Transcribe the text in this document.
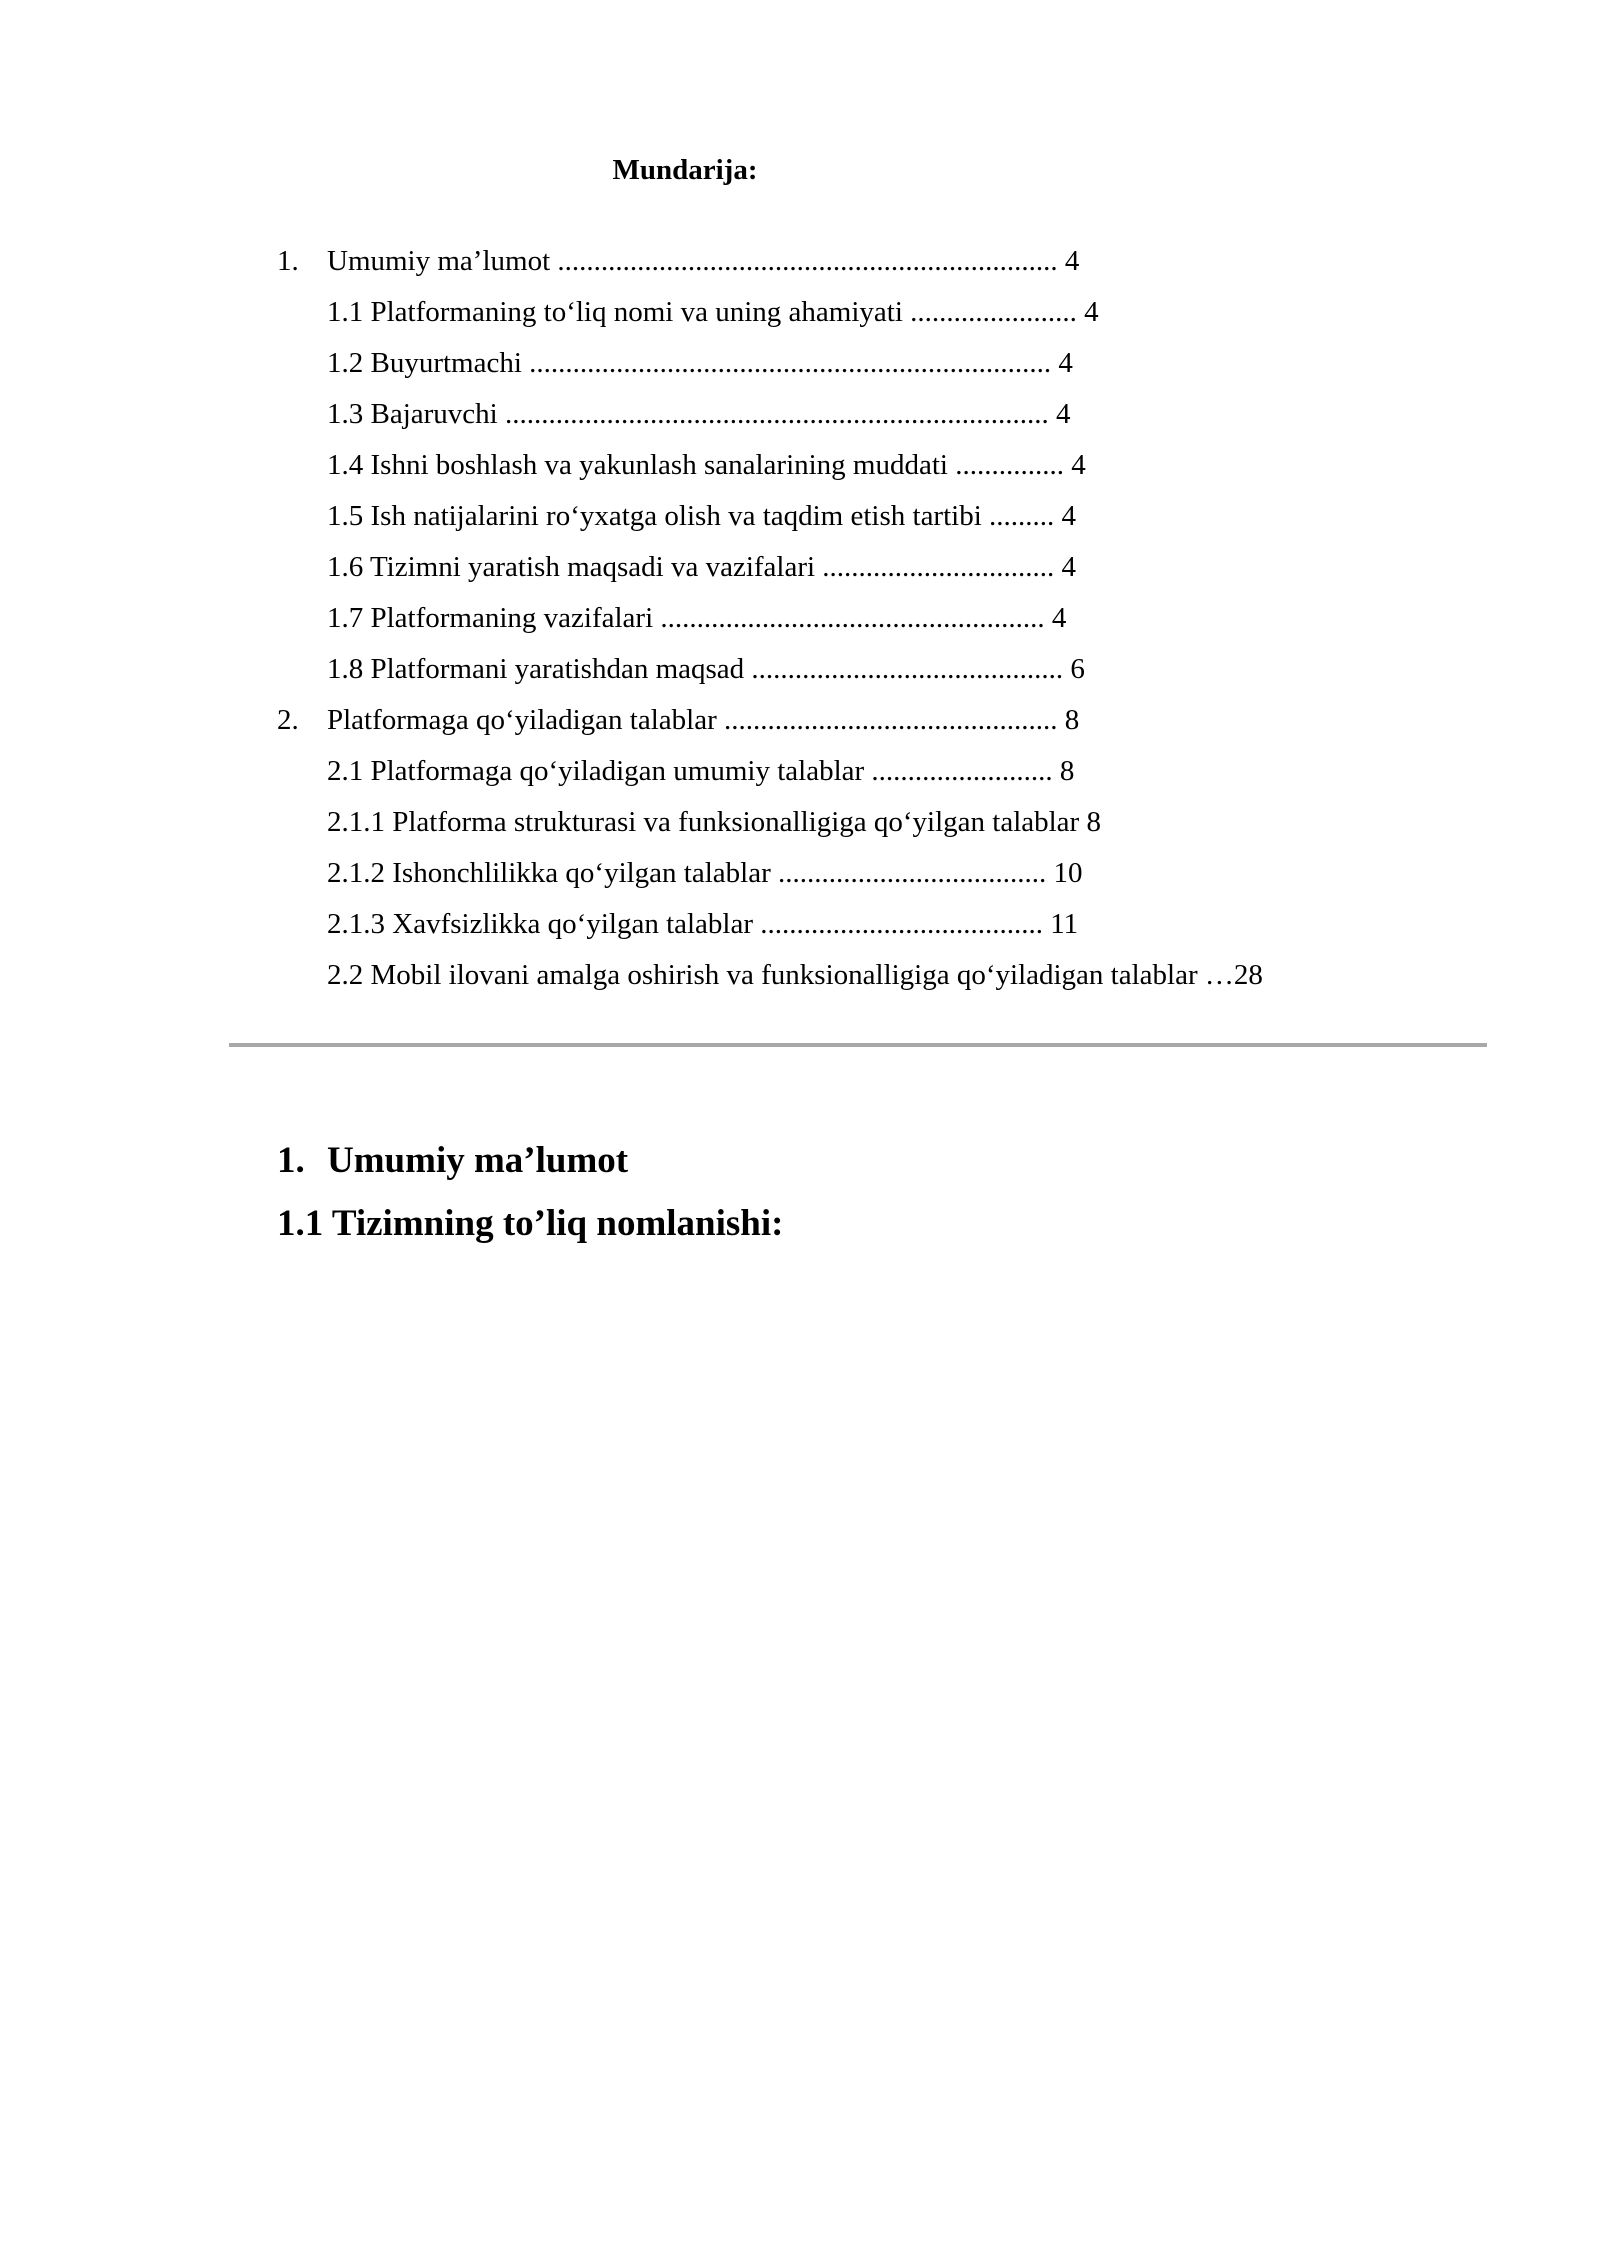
Mundarija:
1. Umumiy ma’lumot ..................................................................... 4
1.1 Platformaning to‘liq nomi va uning ahamiyati ....................... 4
1.2 Buyurtmachi ........................................................................ 4
1.3 Bajaruvchi ........................................................................... 4
1.4 Ishni boshlash va yakunlash sanalarining muddati ............... 4
1.5 Ish natijalarini ro‘yxatga olish va taqdim etish tartibi ......... 4
1.6 Tizimni yaratish maqsadi va vazifalari ................................ 4
1.7 Platformaning vazifalari ..................................................... 4
1.8 Platformani yaratishdan maqsad ........................................... 6
2. Platformaga qo‘yiladigan talablar .............................................. 8
2.1 Platformaga qo‘yiladigan umumiy talablar ......................... 8
2.1.1 Platforma strukturasi va funksionalligiga qo‘yilgan talablar 8
2.1.2 Ishonchlilikka qo‘yilgan talablar ..................................... 10
2.1.3 Xavfsizlikka qo‘yilgan talablar ....................................... 11
2.2 Mobil ilovani amalga oshirish va funksionalligiga qo‘yiladigan talablar …28
1. Umumiy ma’lumot
1.1 Tizimning to’liq nomlanishi:
